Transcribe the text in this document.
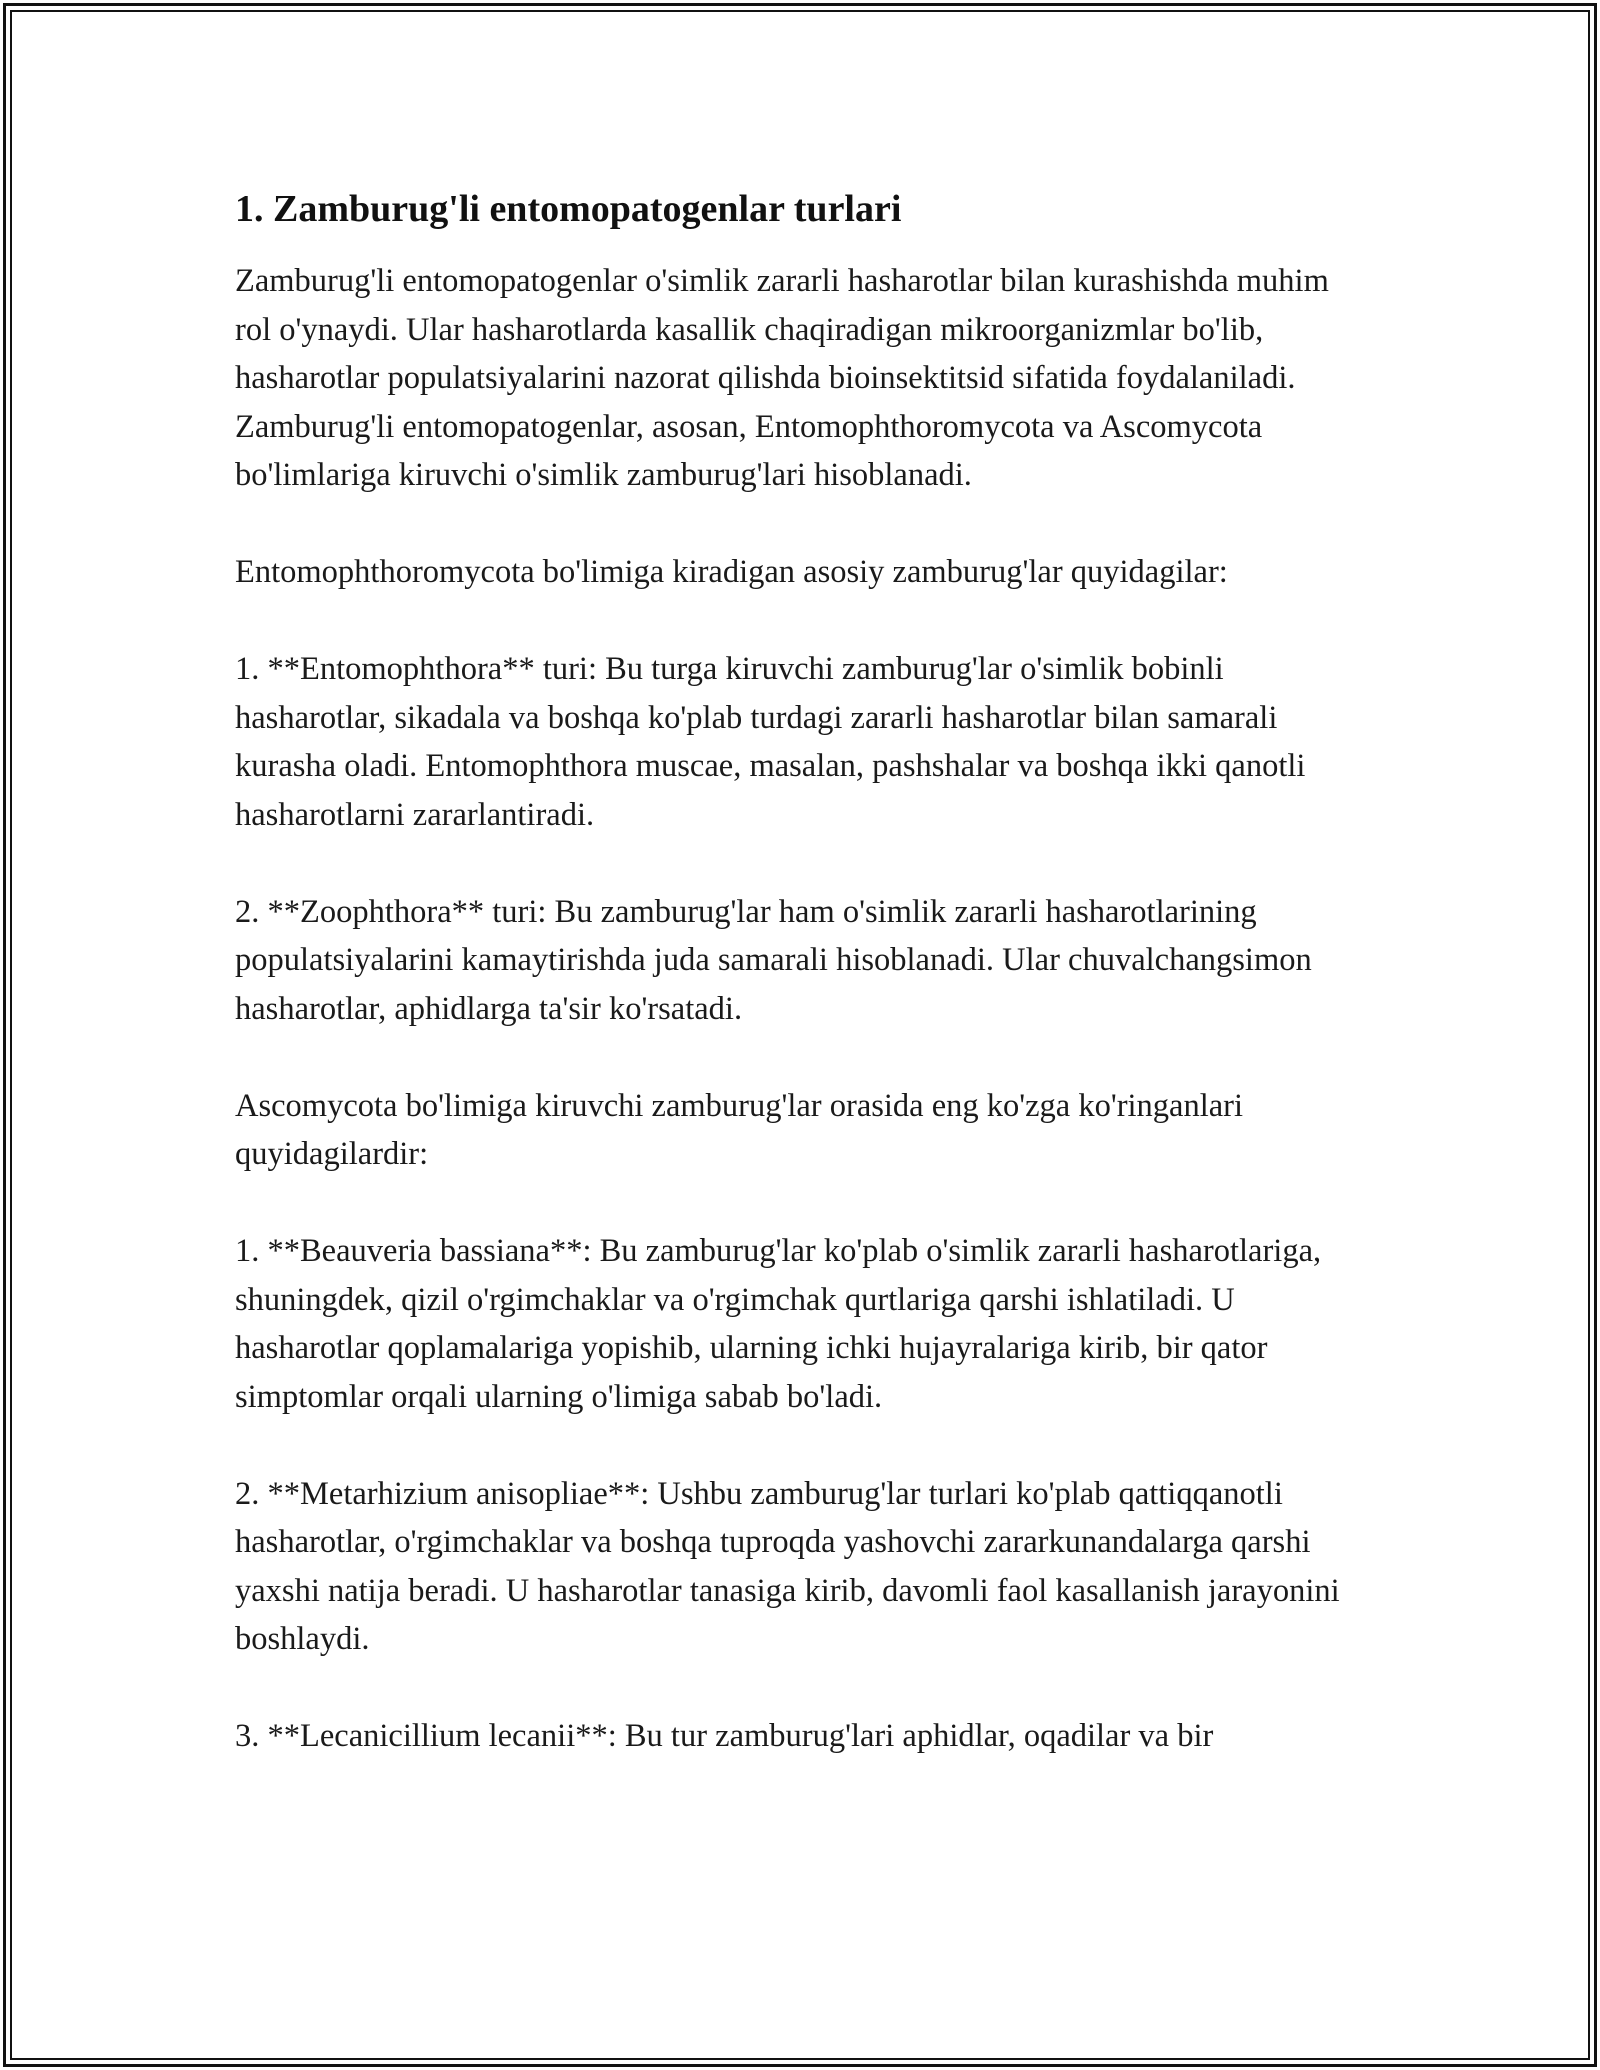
1. Zamburug'li entomopatogenlar turlari

Zamburug'li entomopatogenlar o'simlik zararli hasharotlar bilan kurashishda muhim rol o'ynaydi. Ular hasharotlarda kasallik chaqiradigan mikroorganizmlar bo'lib, hasharotlar populatsiyalarini nazorat qilishda bioinsektitsid sifatida foydalaniladi. Zamburug'li entomopatogenlar, asosan, Entomophthoromycota va Ascomycota bo'limlariga kiruvchi o'simlik zamburug'lari hisoblanadi.

Entomophthoromycota bo'limiga kiradigan asosiy zamburug'lar quyidagilar:

1. **Entomophthora** turi: Bu turga kiruvchi zamburug'lar o'simlik bobinli hasharotlar, sikadala va boshqa ko'plab turdagi zararli hasharotlar bilan samarali kurasha oladi. Entomophthora muscae, masalan, pashshalar va boshqa ikki qanotli hasharotlarni zararlantiradi.

2. **Zoophthora** turi: Bu zamburug'lar ham o'simlik zararli hasharotlarining populatsiyalarini kamaytirishda juda samarali hisoblanadi. Ular chuvalchangsimon hasharotlar, aphidlarga ta'sir ko'rsatadi.

Ascomycota bo'limiga kiruvchi zamburug'lar orasida eng ko'zga ko'ringanlari quyidagilardir:

1. **Beauveria bassiana**: Bu zamburug'lar ko'plab o'simlik zararli hasharotlariga, shuningdek, qizil o'rgimchaklar va o'rgimchak qurtlariga qarshi ishlatiladi. U hasharotlar qoplamalariga yopishib, ularning ichki hujayralariga kirib, bir qator simptomlar orqali ularning o'limiga sabab bo'ladi.

2. **Metarhizium anisopliae**: Ushbu zamburug'lar turlari ko'plab qattiqqanotli hasharotlar, o'rgimchaklar va boshqa tuproqda yashovchi zararkunandalarga qarshi yaxshi natija beradi. U hasharotlar tanasiga kirib, davomli faol kasallanish jarayonini boshlaydi.

3. **Lecanicillium lecanii**: Bu tur zamburug'lari aphidlar, oqadilar va bir
